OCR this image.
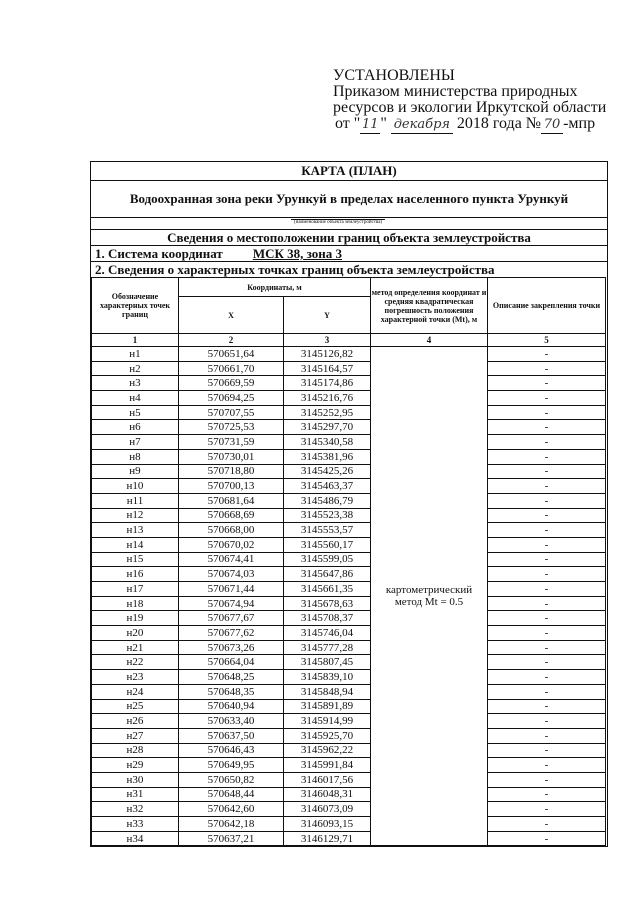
УСТАНОВЛЕНЫ
Приказом министерства природных
ресурсов и экологии Иркутской области
от " 11 " декабря 2018 года № 70 -мпр
КАРТА (ПЛАН)
Водоохранная зона реки Урункуй в пределах населенного пункта Урункуй
(наименование объекта землеустройства)
Сведения о местоположении границ объекта землеустройства
1. Система координат МСК 38, зона 3
2. Сведения о характерных точках границ объекта землеустройства
Обозначение характерных точек границ	Координаты, м		метод определения координат и средняя квадратическая погрешность положения характерной точки (Mt), м	Описание закрепления точки
	X	Y		
1	2	3	4	5
н1	570651,64	3145126,82	картометрический метод Mt = 0.5	-
н2	570661,70	3145164,57		-
н3	570669,59	3145174,86		-
н4	570694,25	3145216,76		-
н5	570707,55	3145252,95		-
н6	570725,53	3145297,70		-
н7	570731,59	3145340,58		-
н8	570730,01	3145381,96		-
н9	570718,80	3145425,26		-
н10	570700,13	3145463,37		-
н11	570681,64	3145486,79		-
н12	570668,69	3145523,38		-
н13	570668,00	3145553,57		-
н14	570670,02	3145560,17		-
н15	570674,41	3145599,05		-
н16	570674,03	3145647,86		-
н17	570671,44	3145661,35		-
н18	570674,94	3145678,63		-
н19	570677,67	3145708,37		-
н20	570677,62	3145746,04		-
н21	570673,26	3145777,28		-
н22	570664,04	3145807,45		-
н23	570648,25	3145839,10		-
н24	570648,35	3145848,94		-
н25	570640,94	3145891,89		-
н26	570633,40	3145914,99		-
н27	570637,50	3145925,70		-
н28	570646,43	3145962,22		-
н29	570649,95	3145991,84		-
н30	570650,82	3146017,56		-
н31	570648,44	3146048,31		-
н32	570642,60	3146073,09		-
н33	570642,18	3146093,15		-
н34	570637,21	3146129,71		-
